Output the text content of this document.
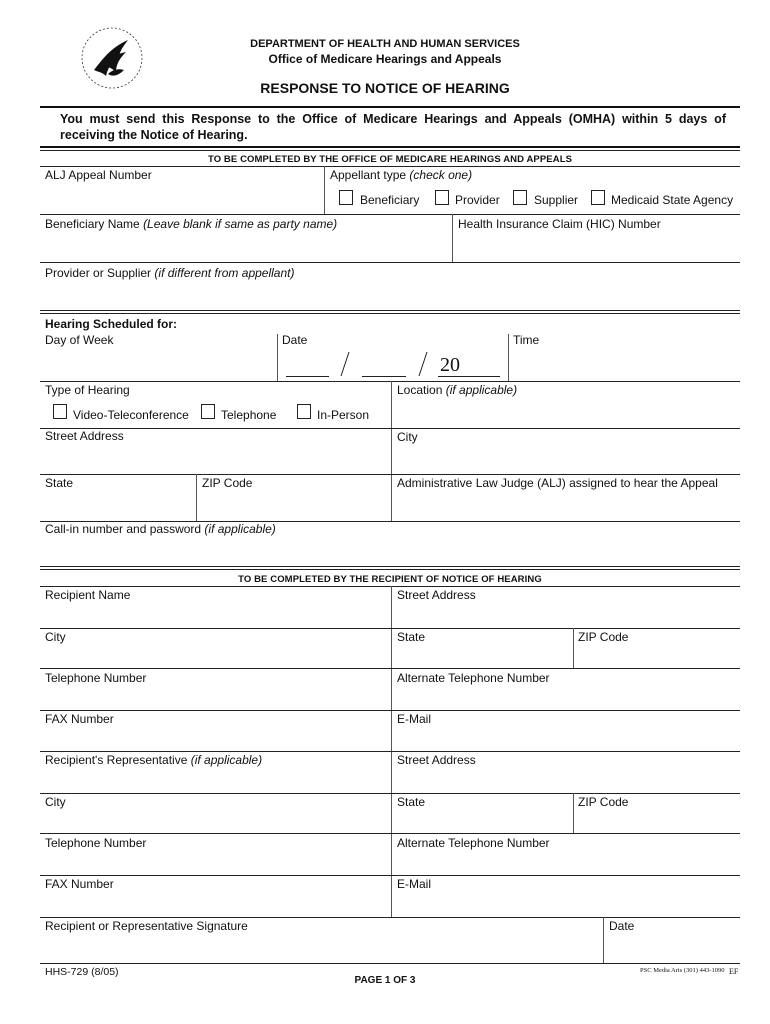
DEPARTMENT OF HEALTH AND HUMAN SERVICES
Office of Medicare Hearings and Appeals
RESPONSE TO NOTICE OF HEARING
You must send this Response to the Office of Medicare Hearings and Appeals (OMHA) within 5 days of receiving the Notice of Hearing.
TO BE COMPLETED BY THE OFFICE OF MEDICARE HEARINGS AND APPEALS
ALJ Appeal Number	Appellant type (check one)
Beneficiary	Provider	Supplier	Medicaid State Agency
Beneficiary Name (Leave blank if same as party name)	Health Insurance Claim (HIC) Number
Provider or Supplier (if different from appellant)
Hearing Scheduled for:
Day of Week	Date	Time
20
Type of Hearing	Location (if applicable)
Video-Teleconference	Telephone	In-Person
Street Address	City
State	ZIP Code	Administrative Law Judge (ALJ) assigned to hear the Appeal
Call-in number and password (if applicable)
TO BE COMPLETED BY THE RECIPIENT OF NOTICE OF HEARING
Recipient Name	Street Address
City	State	ZIP Code
Telephone Number	Alternate Telephone Number
FAX Number	E-Mail
Recipient's Representative (if applicable)	Street Address
City	State	ZIP Code
Telephone Number	Alternate Telephone Number
FAX Number	E-Mail
Recipient or Representative Signature	Date
HHS-729 (8/05)
PAGE 1 OF 3
PSC Media Arts (301) 443-1090 EF
